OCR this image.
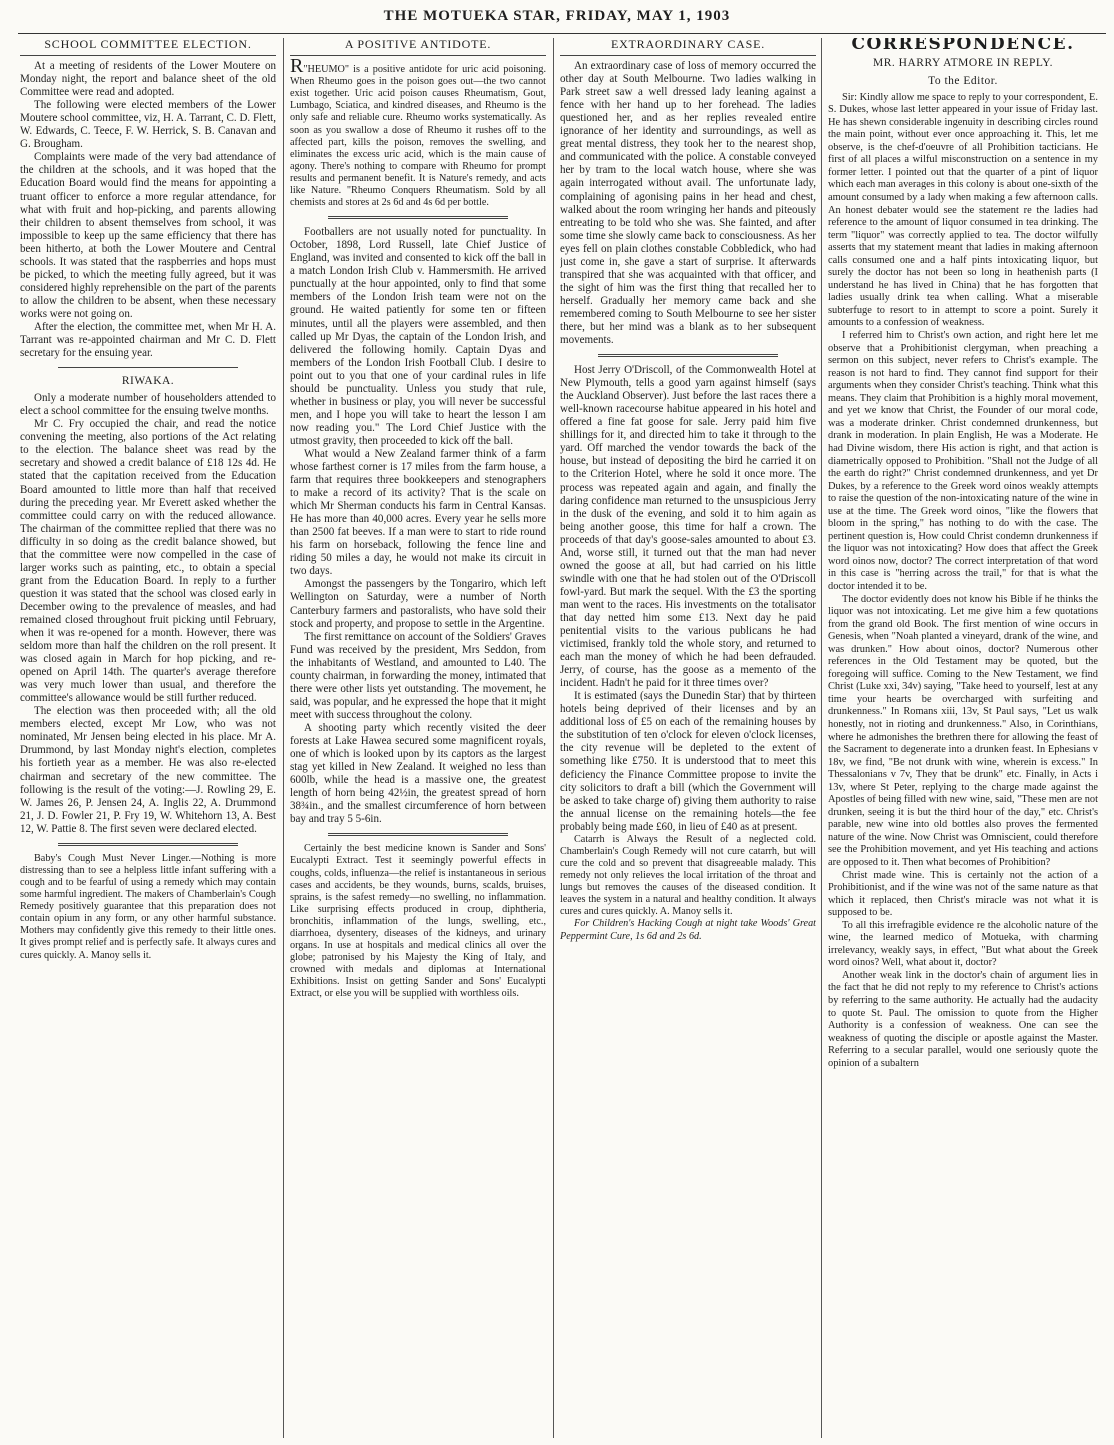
THE MOTUEKA STAR, FRIDAY, MAY 1, 1903
SCHOOL COMMITTEE ELECTION.

At a meeting of residents of the Lower Moutere on Monday night, the report and balance sheet of the old Committee were read and adopted.

The following were elected members of the Lower Moutere school committee, viz, H. A. Tarrant, C. D. Flett, W. Edwards, C. Teece, F. W. Herrick, S. B. Canavan and G. Brougham.

Complaints were made of the very bad attendance of the children at the schools, and it was hoped that the Education Board would find the means for appointing a truant officer to enforce a more regular attendance, for what with fruit and hop-picking, and parents allowing their children to absent themselves from school, it was impossible to keep up the same efficiency that there has been hitherto, at both the Lower Moutere and Central schools. It was stated that the raspberries and hops must be picked, to which the meeting fully agreed, but it was considered highly reprehensible on the part of the parents to allow the children to be absent, when these necessary works were not going on.

After the election, the committee met, when Mr H. A. Tarrant was re-appointed chairman and Mr C. D. Flett secretary for the ensuing year.

RIWAKA.

Only a moderate number of householders attended to elect a school committee for the ensuing twelve months.

Mr C. Fry occupied the chair, and read the notice convening the meeting, also portions of the Act relating to the election. The balance sheet was read by the secretary and showed a credit balance of £18 12s 4d. He stated that the capitation received from the Education Board amounted to little more than half that received during the preceding year. Mr Everett asked whether the committee could carry on with the reduced allowance. The chairman of the committee replied that there was no difficulty in so doing as the credit balance showed, but that the committee were now compelled in the case of larger works such as painting, etc., to obtain a special grant from the Education Board. In reply to a further question it was stated that the school was closed early in December owing to the prevalence of measles, and had remained closed throughout fruit picking until February, when it was re-opened for a month. However, there was seldom more than half the children on the roll present. It was closed again in March for hop picking, and re-opened on April 14th. The quarter's average therefore was very much lower than usual, and therefore the committee's allowance would be still further reduced.

The election was then proceeded with; all the old members elected, except Mr Low, who was not nominated, Mr Jensen being elected in his place. Mr A. Drummond, by last Monday night's election, completes his fortieth year as a member. He was also re-elected chairman and secretary of the new committee. The following is the result of the voting:—J. Rowling 29, E. W. James 26, P. Jensen 24, A. Inglis 22, A. Drummond 21, J. D. Fowler 21, P. Fry 19, W. Whitehorn 13, A. Best 12, W. Pattie 8. The first seven were declared elected.

Baby's Cough Must Never Linger.—Nothing is more distressing than to see a helpless little infant suffering with a cough and to be fearful of using a remedy which may contain some harmful ingredient. The makers of Chamberlain's Cough Remedy positively guarantee that this preparation does not contain opium in any form, or any other harmful substance. Mothers may confidently give this remedy to their little ones. It gives prompt relief and is perfectly safe. It always cures and cures quickly. A. Manoy sells it.

A POSITIVE ANTIDOTE.

R"HEUMO" is a positive antidote for uric acid poisoning. When Rheumo goes in the poison goes out—the two cannot exist together. Uric acid poison causes Rheumatism, Gout, Lumbago, Sciatica, and kindred diseases, and Rheumo is the only safe and reliable cure. Rheumo works systematically. As soon as you swallow a dose of Rheumo it rushes off to the affected part, kills the poison, removes the swelling, and eliminates the excess uric acid, which is the main cause of agony. There's nothing to compare with Rheumo for prompt results and permanent benefit. It is Nature's remedy, and acts like Nature. "Rheumo Conquers Rheumatism. Sold by all chemists and stores at 2s 6d and 4s 6d per bottle.

Footballers are not usually noted for punctuality. In October, 1898, Lord Russell, late Chief Justice of England, was invited and consented to kick off the ball in a match London Irish Club v. Hammersmith. He arrived punctually at the hour appointed, only to find that some members of the London Irish team were not on the ground. He waited patiently for some ten or fifteen minutes, until all the players were assembled, and then called up Mr Dyas, the captain of the London Irish, and delivered the following homily. Captain Dyas and members of the London Irish Football Club. I desire to point out to you that one of your cardinal rules in life should be punctuality. Unless you study that rule, whether in business or play, you will never be successful men, and I hope you will take to heart the lesson I am now reading you." The Lord Chief Justice with the utmost gravity, then proceeded to kick off the ball.

What would a New Zealand farmer think of a farm whose farthest corner is 17 miles from the farm house, a farm that requires three bookkeepers and stenographers to make a record of its activity? That is the scale on which Mr Sherman conducts his farm in Central Kansas. He has more than 40,000 acres. Every year he sells more than 2500 fat beeves. If a man were to start to ride round his farm on horseback, following the fence line and riding 50 miles a day, he would not make its circuit in two days.

Amongst the passengers by the Tongariro, which left Wellington on Saturday, were a number of North Canterbury farmers and pastoralists, who have sold their stock and property, and propose to settle in the Argentine.

The first remittance on account of the Soldiers' Graves Fund was received by the president, Mrs Seddon, from the inhabitants of Westland, and amounted to L40. The county chairman, in forwarding the money, intimated that there were other lists yet outstanding. The movement, he said, was popular, and he expressed the hope that it might meet with success throughout the colony.

A shooting party which recently visited the deer forests at Lake Hawea secured some magnificent royals, one of which is looked upon by its captors as the largest stag yet killed in New Zealand. It weighed no less than 600lb, while the head is a massive one, the greatest length of horn being 42½in, the greatest spread of horn 38¾in., and the smallest circumference of horn between bay and tray 5 5-6in.

Certainly the best medicine known is Sander and Sons' Eucalypti Extract. Test it seemingly powerful effects in coughs, colds, influenza—the relief is instantaneous in serious cases and accidents, be they wounds, burns, scalds, bruises, sprains, is the safest remedy—no swelling, no inflammation. Like surprising effects produced in croup, diphtheria, bronchitis, inflammation of the lungs, swelling, etc., diarrhoea, dysentery, diseases of the kidneys, and urinary organs. In use at hospitals and medical clinics all over the globe; patronised by his Majesty the King of Italy, and crowned with medals and diplomas at International Exhibitions. Insist on getting Sander and Sons' Eucalypti Extract, or else you will be supplied with worthless oils.

EXTRAORDINARY CASE.

An extraordinary case of loss of memory occurred the other day at South Melbourne. Two ladies walking in Park street saw a well dressed lady leaning against a fence with her hand up to her forehead. The ladies questioned her, and as her replies revealed entire ignorance of her identity and surroundings, as well as great mental distress, they took her to the nearest shop, and communicated with the police. A constable conveyed her by tram to the local watch house, where she was again interrogated without avail. The unfortunate lady, complaining of agonising pains in her head and chest, walked about the room wringing her hands and piteously entreating to be told who she was. She fainted, and after some time she slowly came back to consciousness. As her eyes fell on plain clothes constable Cobbledick, who had just come in, she gave a start of surprise. It afterwards transpired that she was acquainted with that officer, and the sight of him was the first thing that recalled her to herself. Gradually her memory came back and she remembered coming to South Melbourne to see her sister there, but her mind was a blank as to her subsequent movements.

Host Jerry O'Driscoll, of the Commonwealth Hotel at New Plymouth, tells a good yarn against himself (says the Auckland Observer). Just before the last races there a well-known racecourse habitue appeared in his hotel and offered a fine fat goose for sale. Jerry paid him five shillings for it, and directed him to take it through to the yard. Off marched the vendor towards the back of the house, but instead of depositing the bird he carried it on to the Criterion Hotel, where he sold it once more. The process was repeated again and again, and finally the daring confidence man returned to the unsuspicious Jerry in the dusk of the evening, and sold it to him again as being another goose, this time for half a crown. The proceeds of that day's goose-sales amounted to about £3. And, worse still, it turned out that the man had never owned the goose at all, but had carried on his little swindle with one that he had stolen out of the O'Driscoll fowl-yard. But mark the sequel. With the £3 the sporting man went to the races. His investments on the totalisator that day netted him some £13. Next day he paid penitential visits to the various publicans he had victimised, frankly told the whole story, and returned to each man the money of which he had been defrauded. Jerry, of course, has the goose as a memento of the incident. Hadn't he paid for it three times over?

It is estimated (says the Dunedin Star) that by thirteen hotels being deprived of their licenses and by an additional loss of £5 on each of the remaining houses by the substitution of ten o'clock for eleven o'clock licenses, the city revenue will be depleted to the extent of something like £750. It is understood that to meet this deficiency the Finance Committee propose to invite the city solicitors to draft a bill (which the Government will be asked to take charge of) giving them authority to raise the annual license on the remaining hotels—the fee probably being made £60, in lieu of £40 as at present.

Catarrh is Always the Result of a neglected cold. Chamberlain's Cough Remedy will not cure catarrh, but will cure the cold and so prevent that disagreeable malady. This remedy not only relieves the local irritation of the throat and lungs but removes the causes of the diseased condition. It leaves the system in a natural and healthy condition. It always cures and cures quickly. A. Manoy sells it.

For Children's Hacking Cough at night take Woods' Great Peppermint Cure, 1s 6d and 2s 6d.

CORRESPONDENCE.
MR. HARRY ATMORE IN REPLY.
To the Editor.

Sir: Kindly allow me space to reply to your correspondent, E. S. Dukes, whose last letter appeared in your issue of Friday last. He has shewn considerable ingenuity in describing circles round the main point, without ever once approaching it. This, let me observe, is the chef-d'oeuvre of all Prohibition tacticians. He first of all places a wilful misconstruction on a sentence in my former letter. I pointed out that the quarter of a pint of liquor which each man averages in this colony is about one-sixth of the amount consumed by a lady when making a few afternoon calls. An honest debater would see the statement re the ladies had reference to the amount of liquor consumed in tea drinking. The term "liquor" was correctly applied to tea. The doctor wilfully asserts that my statement meant that ladies in making afternoon calls consumed one and a half pints intoxicating liquor, but surely the doctor has not been so long in heathenish parts (I understand he has lived in China) that he has forgotten that ladies usually drink tea when calling. What a miserable subterfuge to resort to in attempt to score a point. Surely it amounts to a confession of weakness.

I referred him to Christ's own action, and right here let me observe that a Prohibitionist clergyman, when preaching a sermon on this subject, never refers to Christ's example. The reason is not hard to find. They cannot find support for their arguments when they consider Christ's teaching. Think what this means. They claim that Prohibition is a highly moral movement, and yet we know that Christ, the Founder of our moral code, was a moderate drinker. Christ condemned drunkenness, but drank in moderation. In plain English, He was a Moderate. He had Divine wisdom, there His action is right, and that action is diametrically opposed to Prohibition. "Shall not the Judge of all the earth do right?" Christ condemned drunkenness, and yet Dr Dukes, by a reference to the Greek word oinos weakly attempts to raise the question of the non-intoxicating nature of the wine in use at the time. The Greek word oinos, "like the flowers that bloom in the spring," has nothing to do with the case. The pertinent question is, How could Christ condemn drunkenness if the liquor was not intoxicating? How does that affect the Greek word oinos now, doctor? The correct interpretation of that word in this case is "herring across the trail," for that is what the doctor intended it to be.

The doctor evidently does not know his Bible if he thinks the liquor was not intoxicating. Let me give him a few quotations from the grand old Book. The first mention of wine occurs in Genesis, when "Noah planted a vineyard, drank of the wine, and was drunken." How about oinos, doctor? Numerous other references in the Old Testament may be quoted, but the foregoing will suffice. Coming to the New Testament, we find Christ (Luke xxi, 34v) saying, "Take heed to yourself, lest at any time your hearts be overcharged with surfeiting and drunkenness." In Romans xiii, 13v, St Paul says, "Let us walk honestly, not in rioting and drunkenness." Also, in Corinthians, where he admonishes the brethren there for allowing the feast of the Sacrament to degenerate into a drunken feast. In Ephesians v 18v, we find, "Be not drunk with wine, wherein is excess." In Thessalonians v 7v, They that be drunk" etc. Finally, in Acts i 13v, where St Peter, replying to the charge made against the Apostles of being filled with new wine, said, "These men are not drunken, seeing it is but the third hour of the day," etc. Christ's parable, new wine into old bottles also proves the fermented nature of the wine. Now Christ was Omniscient, could therefore see the Prohibition movement, and yet His teaching and actions are opposed to it. Then what becomes of Prohibition?

Christ made wine. This is certainly not the action of a Prohibitionist, and if the wine was not of the same nature as that which it replaced, then Christ's miracle was not what it is supposed to be.

To all this irrefragible evidence re the alcoholic nature of the wine, the learned medico of Motueka, with charming irrelevancy, weakly says, in effect, "But what about the Greek word oinos? Well, what about it, doctor?

Another weak link in the doctor's chain of argument lies in the fact that he did not reply to my reference to Christ's actions by referring to the same authority. He actually had the audacity to quote St. Paul. The omission to quote from the Higher Authority is a confession of weakness. One can see the weakness of quoting the disciple or apostle against the Master. Referring to a secular parallel, would one seriously quote the opinion of a subaltern
